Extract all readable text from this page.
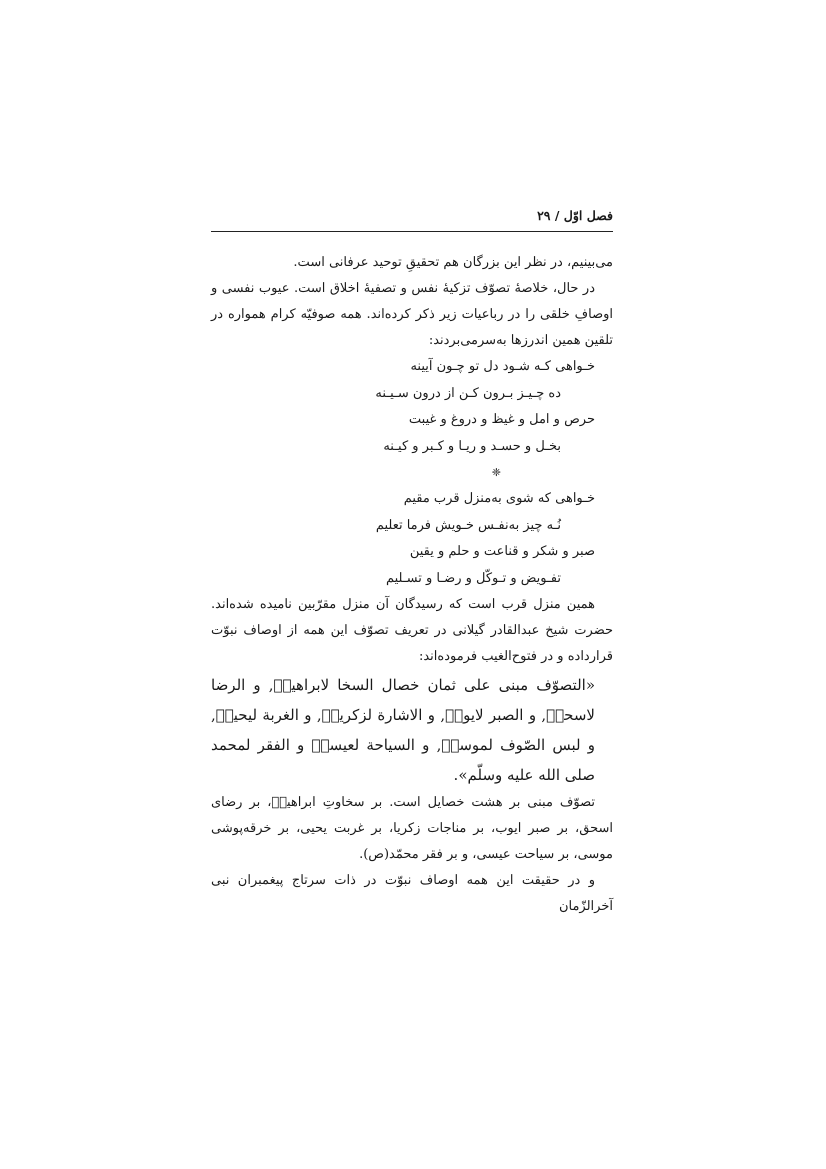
فصل اوّل / ۲۹

می‌بینیم، در نظر این بزرگان هم تحقیقِ توحید عرفانی است.

در حال، خلاصهٔ تصوّف تزکیهٔ نفس و تصفیهٔ اخلاق است. عیوب نفسی و اوصافِ خلقی را در رباعیات زیر ذکر کرده‌اند. همه صوفیّه کرام همواره در تلقین همین اندرزها به‌سرمی‌بردند:

خـواهی کـه شـود دل تو چـون آیینه

ده چـیـز بـرون کـن از درون سـیـنه

حرص و امل و غیظ و دروغ و غیبت

بخـل و حسـد و ریـا و کـبر و کیـنه

❈

خـواهی که شوی به‌منزل قرب مقیم

نُـه چیز به‌نفـس خـویش فرما تعلیم

صبر و شکر و قناعت و حلم و یقین

تفـویض و تـوکّل و رضـا و تسـلیم

همین منزل قرب است که رسیدگان آن منزل مقرّبین نامیده شده‌اند. حضرت شیخ عبدالقادر گیلانی در تعریف تصوّف این همه از اوصاف نبوّت قرارداده و در فتوح‌الغیب فرموده‌اند:

«التصوّف مبنی علی ثمان خصال السخا لابراهیمؑ, و الرضا لاسحقؑ, و الصبر لایوبؑ, و الاشارة لزکریاؑ, و الغربة لیحییؑ, و لبس الصّوف لموسیؑ, و السیاحة لعیسیؑ و الفقر لمحمد صلی الله علیه وسلّم».

تصوّف مبنی بر هشت خصایل است. بر سخاوتِ ابراهیمؑ، بر رضای اسحق، بر صبر ایوب، بر مناجات زکریا، بر غربت یحیی، بر خرقه‌پوشی موسی، بر سیاحت عیسی، و بر فقر محمّد(ص).

و در حقیقت این همه اوصاف نبوّت در ذات سرتاج پیغمبران نبی آخرالزّمان
